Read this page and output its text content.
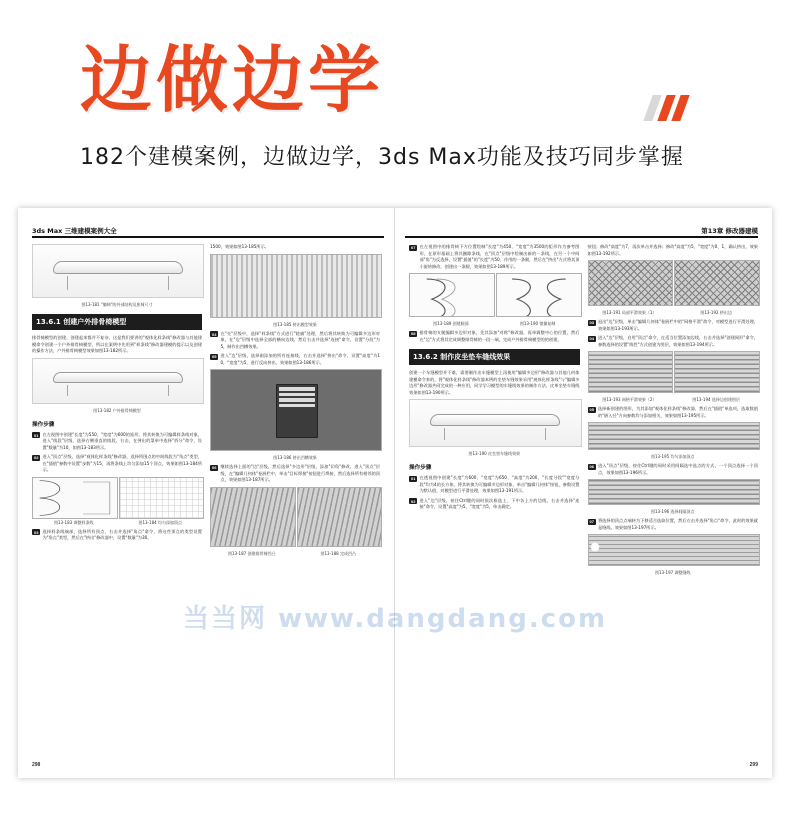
边做边学
182个建模案例，边做边学，3ds Max功能及技巧同步掌握
3ds Max 三维建模案例大全
图13-181 "躺椅"的外部结构及座椅尺寸
13.6.1 创建户外排骨椅模型
排骨椅模型的创建、创建起来都并不复杂，这是我们要讲的"观体化样条线"修改器与其他建模命令创建一个户外排骨椅模型，所以在案例中先用到"样条线"修改器建模的提示以及创建的操作方法，户外排骨椅模型效果如图13-182所示。
图13-182 户外排骨椅模型
操作步骤
01 在左视图中创建"长度"为550、"宽度"为600的矩形，将其转换为可编辑样条线对象，进入"线段"层级，选择右侧垂直的线段，右击，在弹出的菜单中选择"拆分"命令，设置"数量"为10，如图13-183所示。
02 进入"顶点"层级，选择"观体化样条线"修改器，选择所围点的中间线段为"角点"类型，在"插值"参数中设置"步数"为15，再将条线上均匀添加15个顶点，效果如图13-184所示。
图13-183 调整样条线	图13-184 均匀添加顶点
03 选择样条线端部，选择所有顶点，右击并选择"角点"命令，将这些顶点的类型设置为"角点"类型，然后在"挤出"修改器中，设置"数量"为30。
1500，效果如图13-185所示。
图13-185 挤出模型效果
04 在"壳"层级中，选择"样条线"方式进行"轮廓"处理，然后将其转换为可编辑多边形对象，在"边"层级中选择全部的横向边线，然后右击并选择"连接"命令，设置"分段"为5，制作出凹槽效果。
05 进入"边"层级，选择刚添加的所有连接线，右击并选择"挤出"命令，设置"高度"为10，"宽度"为5，进行反向挤出，效果如图13-186所示。
图13-186 挤出凹槽效果
06 继续选择上面的"边"层级，然后选择"多边形"层级，添加"切角"修改，进入"顶点"层级，在"编辑几何体"卷展栏中，单击"目标焊接"按钮进行焊接，然后选择所有相邻的顶点，效果如图13-187所示。
图13-187 创建排骨椅凹凸	图13-188 完成凹凸
298
第13章 修改器建模
07 在左视图中的排骨椅下方位置绘制"长度"为450、"宽度"为3500的矩形作为参考图形，在原形基础上将其删除条线，在"顶点"层级中绘制出新的一条线，在另一个中间部"角"为反选择，设置"插值"的"长度"为50，作用的一条腿，然后在"挤出"方式将其顶小旋转修改，创建出一条腿，效果如图13-189所示。
图13-189 创建腿部	图13-190 镜像复制
08 排骨椅的支腿编辑多边形对象，先其添加"对称"修改器，再单调整中心的位置，然后在"边"方式将其完成调整排骨椅的一段一端，完成户外排骨椅模型的的创建。
13.6.2 制作皮坐垫车缝线效果
创建一个车缝模型并不难，需要制作出车缝模型上再使用"编辑多边形"修改器与其他几何体建模命令来的，将"观体化样条线"修改器本例的坐垫车缝效果采用"观体化样条线"与"编辑多边形"修改器共同完成的一种应用，同学学习模型的车缝线效果的制作方法。皮革坐垫车缝线效果如图13-190所示。
图13-190 皮坐垫车缝线效果
操作步骤
01 在透视图中创建"长度"为600、"宽度"为650、"高度"为200、"长度分段""宽度分段"均为4的长方体，将其转换为可编辑多边形对象，单击"编辑几何体"按钮，参数设置为默认值，对模型进行平滑处理，效果如图13-191所示。
02 进入"边"层级，按住Ctrl键的同时依次框选上、下中各上方的边线，右击并选择"连接"命令，设置"高度"为5，"宽度"为5，单击确定。
按钮；修改"高度"为7，再次单击并选择；修改"高度"为5，"宽度"为0、1，确认挤出，效果如图13-192所示。
图13-191 局部平滑效果（1）	图13-192 挤出边
03 退出"边"层级，单击"编辑几何体"卷展栏中的"网格平滑"命令，对模型进行平滑处理，效果如图13-193所示。
04 进入"边"层级，启用"顶点"命令，在适当位置添加边线，右击并选择"创建网形"命令，参数选择的设置"线性"方式创建为图层，效果如图13-194所示。
图13-193 网格平滑效果（2）	图13-194 选择边创建图层
05 选择新创建的图形，为其添加"观体化样条线"修改器，然后在"插值"单选项，选取数值的"嵌入径"方向参数均与添加相关，效果如图13-195所示。
图13-195 均匀添加顶点
06 进入"顶点"层级，按住Ctrl键的同时采用间隔选中选点的方式，一个顶点选择一个顶点，效果如图13-196所示。
图13-196 选择间隔顶点
07 将选择的顶点点端转为下移适合选取位置，然后右击并选择"角点"命令，此时的效果就是缝线，效果如图13-197所示。
图13-197 调整缝线
299
当当网 www.dangdang.com
